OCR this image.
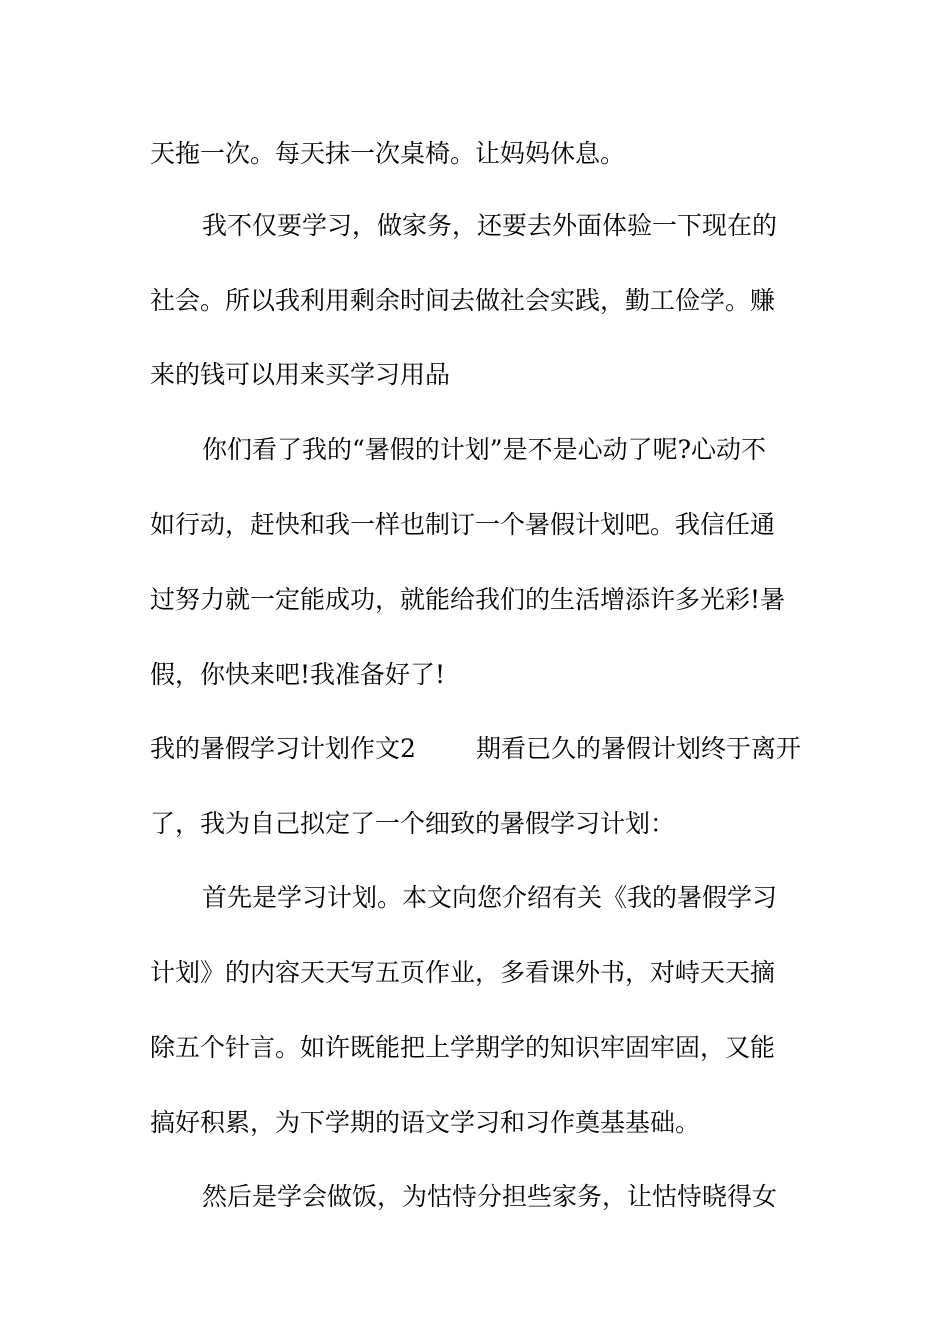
天拖一次。每天抹一次桌椅。让妈妈休息。
我不仅要学习，做家务，还要去外面体验一下现在的
社会。所以我利用剩余时间去做社会实践，勤工俭学。赚
来的钱可以用来买学习用品
你们看了我的“暑假的计划”是不是心动了呢?心动不
如行动，赶快和我一样也制订一个暑假计划吧。我信任通
过努力就一定能成功，就能给我们的生活增添许多光彩!暑
假，你快来吧!我准备好了!
我的暑假学习计划作文2	期看已久的暑假计划终于离开
了，我为自己拟定了一个细致的暑假学习计划：
首先是学习计划。本文向您介绍有关《我的暑假学习
计划》的内容天天写五页作业，多看课外书，对峙天天摘
除五个针言。如许既能把上学期学的知识牢固牢固，又能
搞好积累，为下学期的语文学习和习作奠基基础。
然后是学会做饭，为怙恃分担些家务，让怙恃晓得女
